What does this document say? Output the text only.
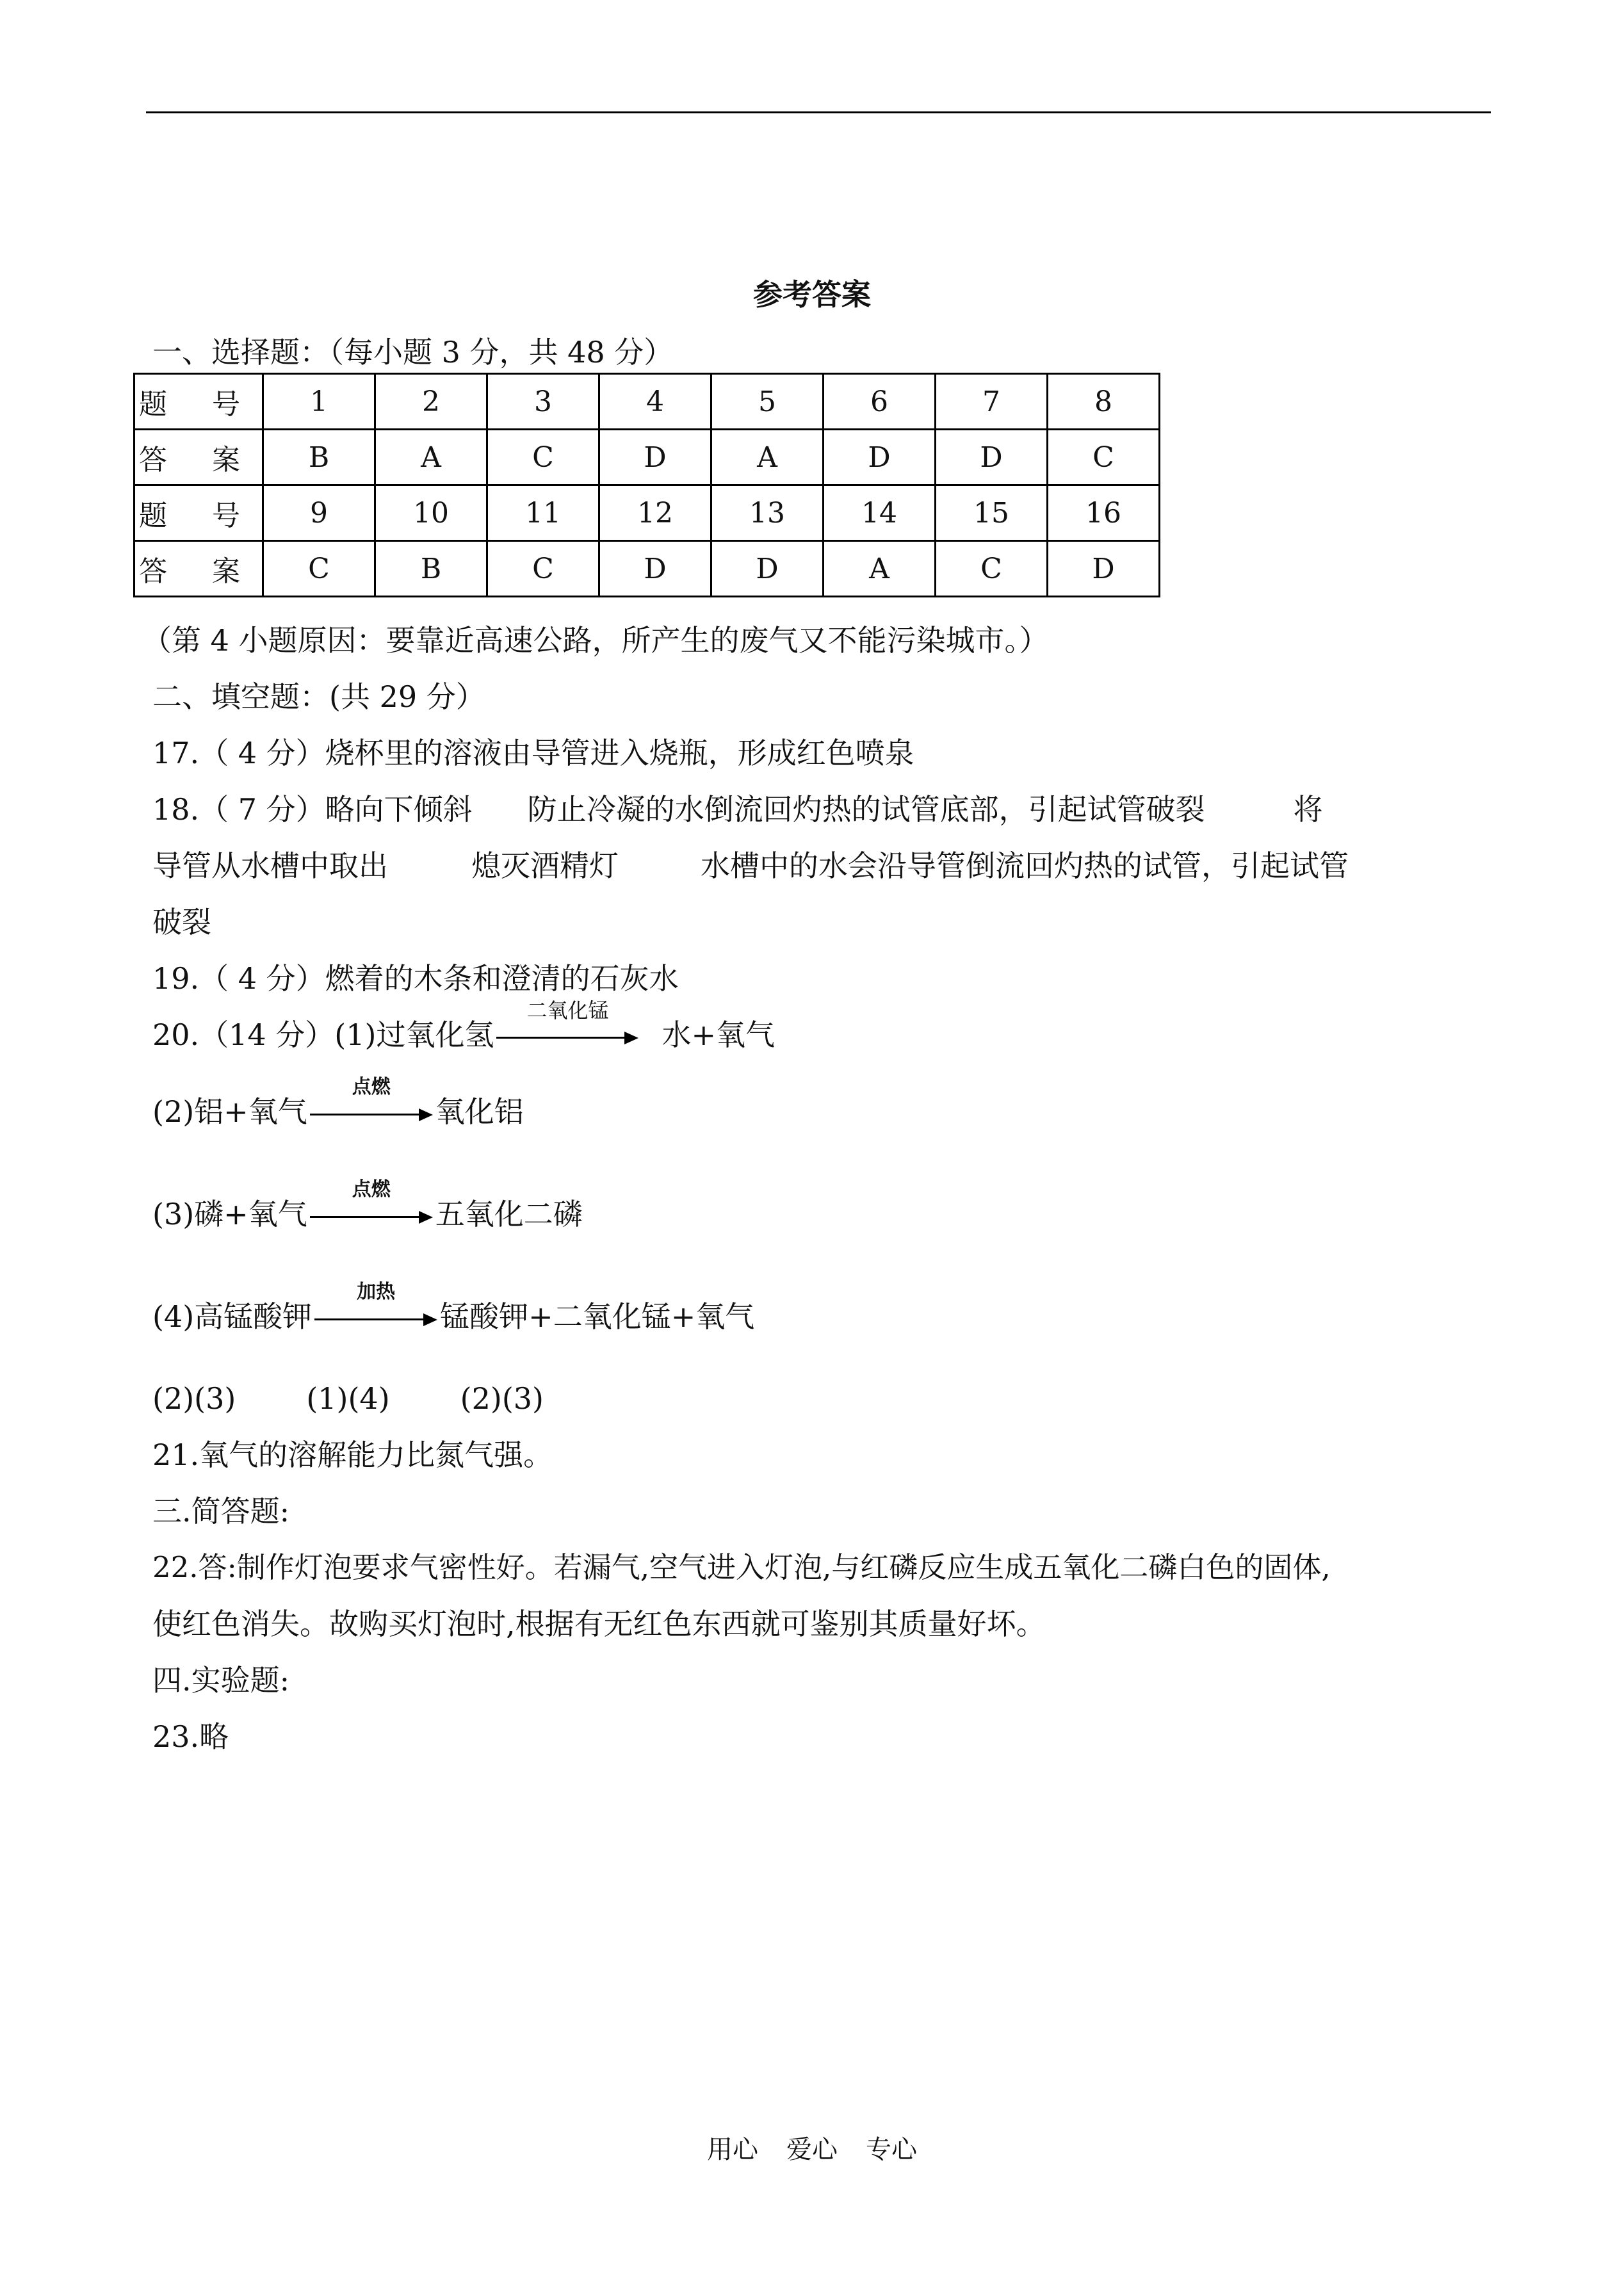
参考答案
一、选择题：（每小题 3 分，共 48 分）
题 号	1	2	3	4	5	6	7	8
答 案	B	A	C	D	A	D	D	C
题 号	9	10	11	12	13	14	15	16
答 案	C	B	C	D	D	A	C	D
（第 4 小题原因：要靠近高速公路，所产生的废气又不能污染城市。）
二、填空题：(共 29 分）
17.（ 4 分）烧杯里的溶液由导管进入烧瓶，形成红色喷泉
18.（ 7 分）略向下倾斜 防止冷凝的水倒流回灼热的试管底部，引起试管破裂	将
导管从水槽中取出	熄灭酒精灯	水槽中的水会沿导管倒流回灼热的试管，引起试管
破裂
19.（ 4 分）燃着的木条和澄清的石灰水
20.（14 分）(1)过氧化氢
二氧化锰
水+氧气
(2)铝+氧气
点燃
氧化铝
(3)磷+氧气
点燃
五氧化二磷
(4)高锰酸钾
加热
锰酸钾+二氧化锰+氧气
(2)(3) (1)(4) (2)(3)
21.氧气的溶解能力比氮气强。
三.简答题:
22.答:制作灯泡要求气密性好。若漏气,空气进入灯泡,与红磷反应生成五氧化二磷白色的固体,
使红色消失。故购买灯泡时,根据有无红色东西就可鉴别其质量好坏。
四.实验题:
23.略
用心 爱心 专心
